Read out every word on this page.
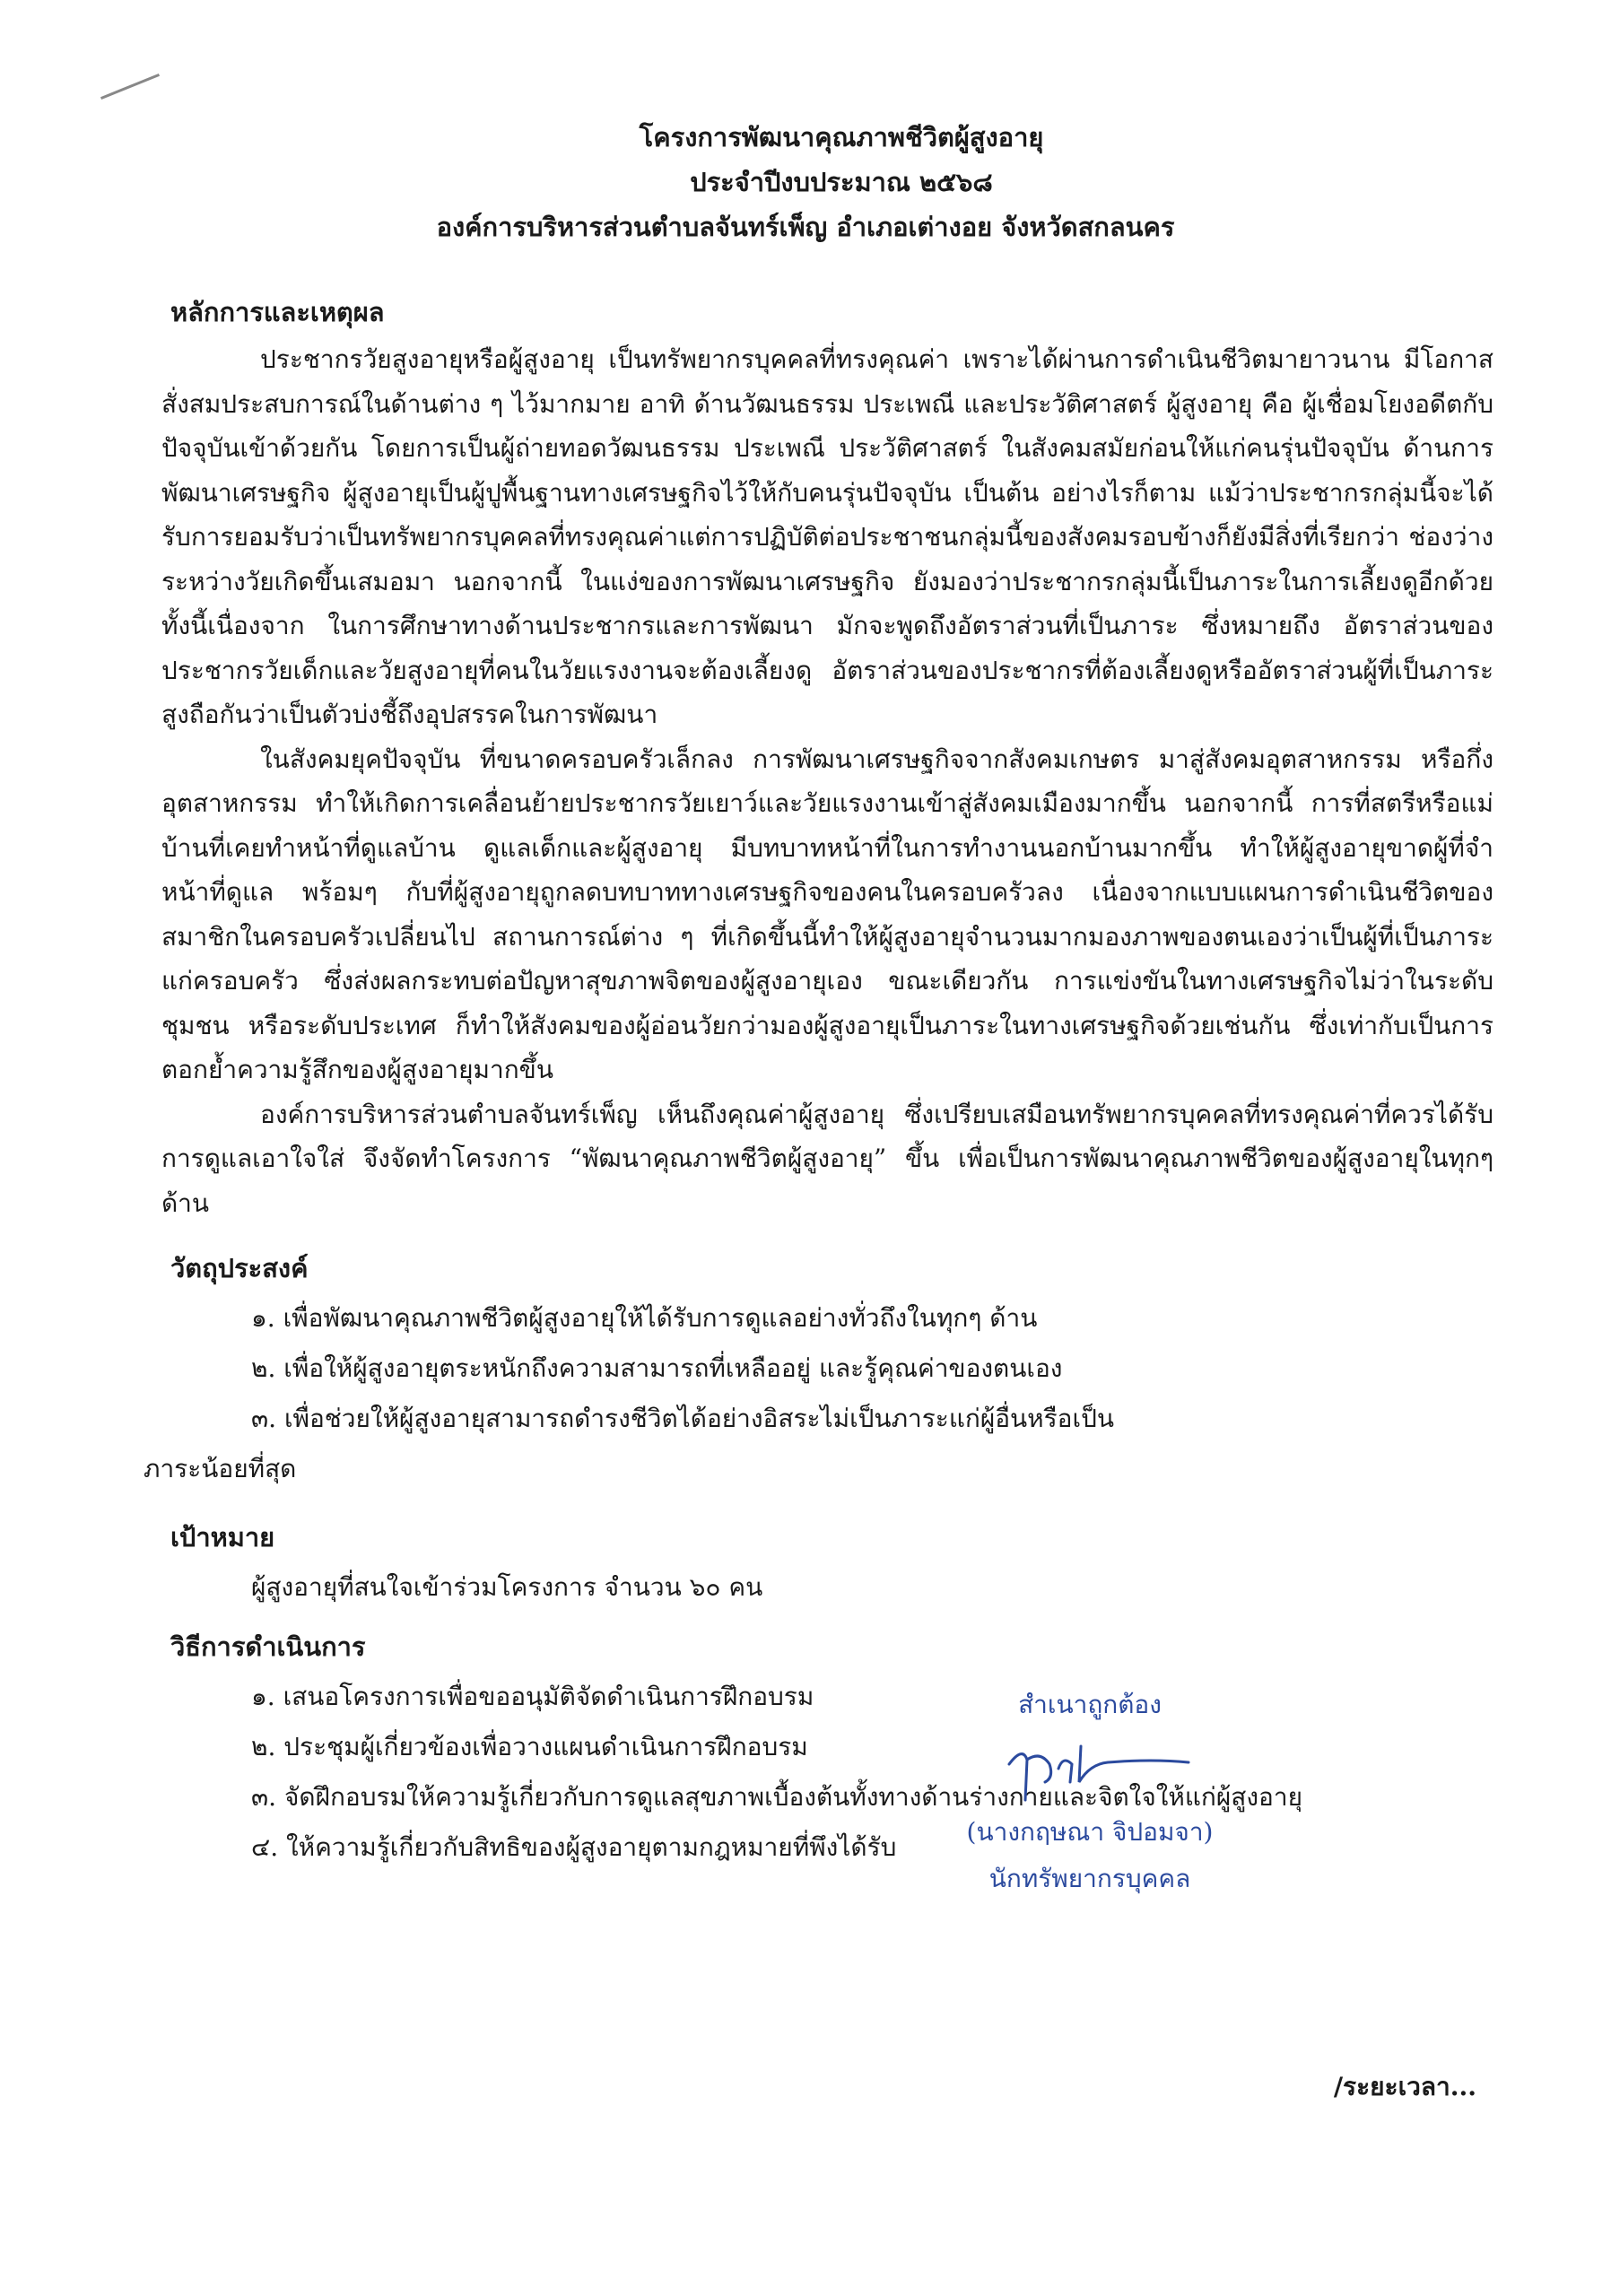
โครงการพัฒนาคุณภาพชีวิตผู้สูงอายุ
ประจำปีงบประมาณ ๒๕๖๘
องค์การบริหารส่วนตำบลจันทร์เพ็ญ อำเภอเต่างอย จังหวัดสกลนคร
หลักการและเหตุผล

ประชากรวัยสูงอายุหรือผู้สูงอายุ เป็นทรัพยากรบุคคลที่ทรงคุณค่า เพราะได้ผ่านการดำเนินชีวิตมายาวนาน มีโอกาสสั่งสมประสบการณ์ในด้านต่าง ๆ ไว้มากมาย อาทิ ด้านวัฒนธรรม ประเพณี และประวัติศาสตร์ ผู้สูงอายุ คือ ผู้เชื่อมโยงอดีตกับปัจจุบันเข้าด้วยกัน โดยการเป็นผู้ถ่ายทอดวัฒนธรรม ประเพณี ประวัติศาสตร์ ในสังคมสมัยก่อนให้แก่คนรุ่นปัจจุบัน ด้านการพัฒนาเศรษฐกิจ ผู้สูงอายุเป็นผู้ปูพื้นฐานทางเศรษฐกิจไว้ให้กับคนรุ่นปัจจุบัน เป็นต้น อย่างไรก็ตาม แม้ว่าประชากรกลุ่มนี้จะได้รับการยอมรับว่าเป็นทรัพยากรบุคคลที่ทรงคุณค่าแต่การปฏิบัติต่อประชาชนกลุ่มนี้ของสังคมรอบข้างก็ยังมีสิ่งที่เรียกว่า ช่องว่างระหว่างวัยเกิดขึ้นเสมอมา นอกจากนี้ ในแง่ของการพัฒนาเศรษฐกิจ ยังมองว่าประชากรกลุ่มนี้เป็นภาระในการเลี้ยงดูอีกด้วย ทั้งนี้เนื่องจาก ในการศึกษาทางด้านประชากรและการพัฒนา มักจะพูดถึงอัตราส่วนที่เป็นภาระ ซึ่งหมายถึง อัตราส่วนของประชากรวัยเด็กและวัยสูงอายุที่คนในวัยแรงงานจะต้องเลี้ยงดู อัตราส่วนของประชากรที่ต้องเลี้ยงดูหรืออัตราส่วนผู้ที่เป็นภาระสูงถือกันว่าเป็นตัวบ่งชี้ถึงอุปสรรคในการพัฒนา

ในสังคมยุคปัจจุบัน ที่ขนาดครอบครัวเล็กลง การพัฒนาเศรษฐกิจจากสังคมเกษตร มาสู่สังคมอุตสาหกรรม หรือกึ่งอุตสาหกรรม ทำให้เกิดการเคลื่อนย้ายประชากรวัยเยาว์และวัยแรงงานเข้าสู่สังคมเมืองมากขึ้น นอกจากนี้ การที่สตรีหรือแม่บ้านที่เคยทำหน้าที่ดูแลบ้าน ดูแลเด็กและผู้สูงอายุ มีบทบาทหน้าที่ในการทำงานนอกบ้านมากขึ้น ทำให้ผู้สูงอายุขาดผู้ที่จำหน้าที่ดูแล พร้อมๆ กับที่ผู้สูงอายุถูกลดบทบาททางเศรษฐกิจของคนในครอบครัวลง เนื่องจากแบบแผนการดำเนินชีวิตของสมาชิกในครอบครัวเปลี่ยนไป สถานการณ์ต่าง ๆ ที่เกิดขึ้นนี้ทำให้ผู้สูงอายุจำนวนมากมองภาพของตนเองว่าเป็นผู้ที่เป็นภาระแก่ครอบครัว ซึ่งส่งผลกระทบต่อปัญหาสุขภาพจิตของผู้สูงอายุเอง ขณะเดียวกัน การแข่งขันในทางเศรษฐกิจไม่ว่าในระดับชุมชน หรือระดับประเทศ ก็ทำให้สังคมของผู้อ่อนวัยกว่ามองผู้สูงอายุเป็นภาระในทางเศรษฐกิจด้วยเช่นกัน ซึ่งเท่ากับเป็นการตอกย้ำความรู้สึกของผู้สูงอายุมากขึ้น

องค์การบริหารส่วนตำบลจันทร์เพ็ญ เห็นถึงคุณค่าผู้สูงอายุ ซึ่งเปรียบเสมือนทรัพยากรบุคคลที่ทรงคุณค่าที่ควรได้รับการดูแลเอาใจใส่ จึงจัดทำโครงการ “พัฒนาคุณภาพชีวิตผู้สูงอายุ” ขึ้น เพื่อเป็นการพัฒนาคุณภาพชีวิตของผู้สูงอายุในทุกๆ ด้าน

วัตถุประสงค์
๑. เพื่อพัฒนาคุณภาพชีวิตผู้สูงอายุให้ได้รับการดูแลอย่างทั่วถึงในทุกๆ ด้าน
๒. เพื่อให้ผู้สูงอายุตระหนักถึงความสามารถที่เหลืออยู่ และรู้คุณค่าของตนเอง
๓. เพื่อช่วยให้ผู้สูงอายุสามารถดำรงชีวิตได้อย่างอิสระไม่เป็นภาระแก่ผู้อื่นหรือเป็น
ภาระน้อยที่สุด
เป้าหมาย
ผู้สูงอายุที่สนใจเข้าร่วมโครงการ จำนวน ๖๐ คน
วิธีการดำเนินการ
๑. เสนอโครงการเพื่อขออนุมัติจัดดำเนินการฝึกอบรม
๒. ประชุมผู้เกี่ยวข้องเพื่อวางแผนดำเนินการฝึกอบรม
๓. จัดฝึกอบรมให้ความรู้เกี่ยวกับการดูแลสุขภาพเบื้องต้นทั้งทางด้านร่างกายและจิตใจให้แก่ผู้สูงอายุ
๔. ให้ความรู้เกี่ยวกับสิทธิของผู้สูงอายุตามกฎหมายที่พึงได้รับ
สำเนาถูกต้อง
(นางกฤษณา จิปอมจา)
นักทรัพยากรบุคคล
/ระยะเวลา...
